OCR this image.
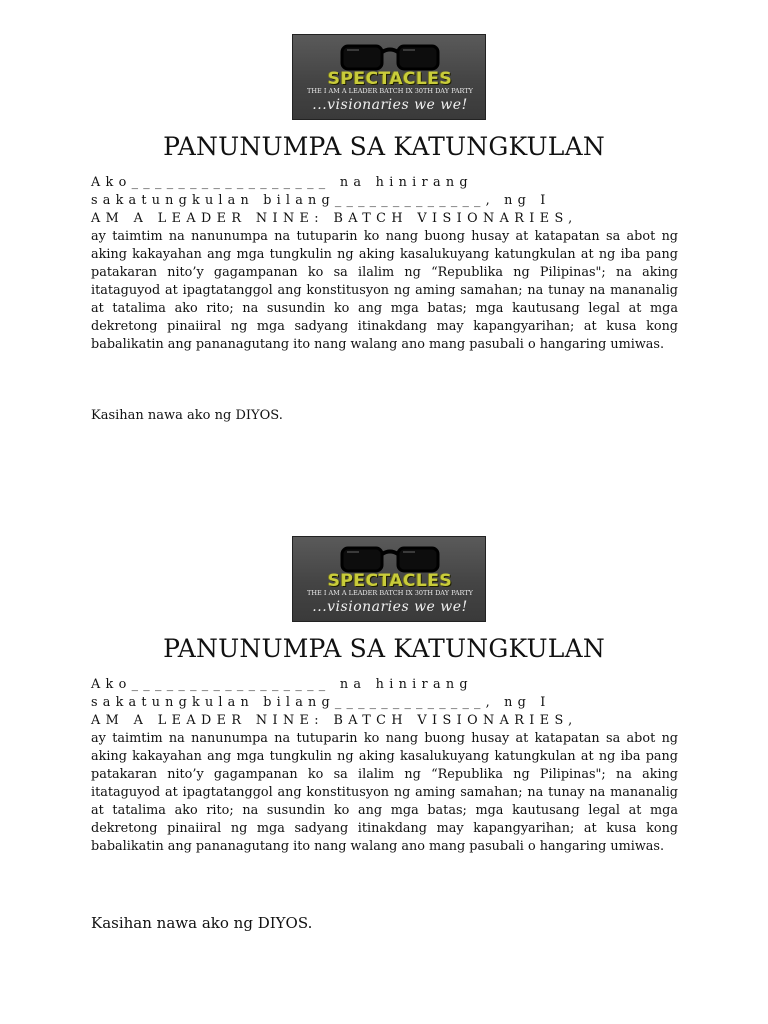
SPECTACLES
THE I AM A LEADER BATCH IX 30TH DAY PARTY
...visionaries we we!
PANUNUMPA SA KATUNGKULAN
Ako_________________ na hinirang
sakatungkulan bilang_____________, ng I
AM A LEADER NINE: BATCH VISIONARIES,
ay taimtim na nanunumpa na tutuparin ko nang buong husay at katapatan sa abot ng aking kakayahan ang mga tungkulin ng aking kasalukuyang katungkulan at ng iba pang patakaran nito’y gagampanan ko sa ilalim ng “Republika ng Pilipinas"; na aking itataguyod at ipagtatanggol ang konstitusyon ng aming samahan; na tunay na mananalig at tatalima ako rito; na susundin ko ang mga batas; mga kautusang legal at mga dekretong pinaiiral ng mga sadyang itinakdang may kapangyarihan; at kusa kong babalikatin ang pananagutang ito nang walang ano mang pasubali o hangaring umiwas.
Kasihan nawa ako ng DIYOS.
SPECTACLES
THE I AM A LEADER BATCH IX 30TH DAY PARTY
...visionaries we we!
PANUNUMPA SA KATUNGKULAN
Ako_________________ na hinirang
sakatungkulan bilang_____________, ng I
AM A LEADER NINE: BATCH VISIONARIES,
ay taimtim na nanunumpa na tutuparin ko nang buong husay at katapatan sa abot ng aking kakayahan ang mga tungkulin ng aking kasalukuyang katungkulan at ng iba pang patakaran nito’y gagampanan ko sa ilalim ng “Republika ng Pilipinas"; na aking itataguyod at ipagtatanggol ang konstitusyon ng aming samahan; na tunay na mananalig at tatalima ako rito; na susundin ko ang mga batas; mga kautusang legal at mga dekretong pinaiiral ng mga sadyang itinakdang may kapangyarihan; at kusa kong babalikatin ang pananagutang ito nang walang ano mang pasubali o hangaring umiwas.
Kasihan nawa ako ng DIYOS.
